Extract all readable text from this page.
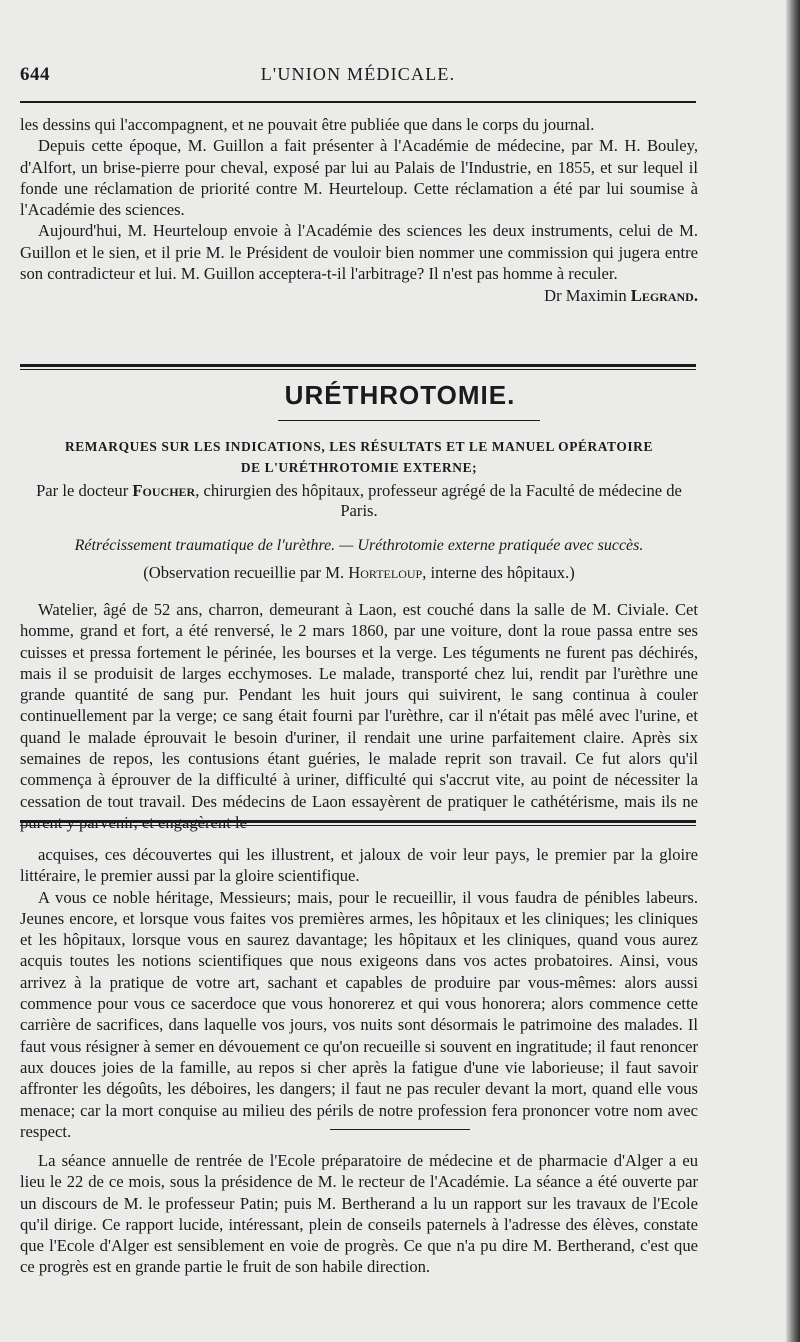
644	L'UNION MÉDICALE.

les dessins qui l'accompagnent, et ne pouvait être publiée que dans le corps du journal.

Depuis cette époque, M. Guillon a fait présenter à l'Académie de médecine, par M. H. Bouley, d'Alfort, un brise-pierre pour cheval, exposé par lui au Palais de l'Industrie, en 1855, et sur lequel il fonde une réclamation de priorité contre M. Heurteloup. Cette réclamation a été par lui soumise à l'Académie des sciences.

Aujourd'hui, M. Heurteloup envoie à l'Académie des sciences les deux instruments, celui de M. Guillon et le sien, et il prie M. le Président de vouloir bien nommer une commission qui jugera entre son contradicteur et lui. M. Guillon acceptera-t-il l'arbitrage? Il n'est pas homme à reculer.

Dr Maximin Legrand.

URÉTHROTOMIE.
REMARQUES SUR LES INDICATIONS, LES RÉSULTATS ET LE MANUEL OPÉRATOIRE
DE L'URÉTHROTOMIE EXTERNE;
Par le docteur Foucher, chirurgien des hôpitaux, professeur agrégé de la Faculté de médecine de Paris.
Rétrécissement traumatique de l'urèthre. — Uréthrotomie externe pratiquée avec succès.
(Observation recueillie par M. Horteloup, interne des hôpitaux.)

Watelier, âgé de 52 ans, charron, demeurant à Laon, est couché dans la salle de M. Civiale. Cet homme, grand et fort, a été renversé, le 2 mars 1860, par une voiture, dont la roue passa entre ses cuisses et pressa fortement le périnée, les bourses et la verge. Les téguments ne furent pas déchirés, mais il se produisit de larges ecchymoses. Le malade, transporté chez lui, rendit par l'urèthre une grande quantité de sang pur. Pendant les huit jours qui suivirent, le sang continua à couler continuellement par la verge; ce sang était fourni par l'urèthre, car il n'était pas mêlé avec l'urine, et quand le malade éprouvait le besoin d'uriner, il rendait une urine parfaitement claire. Après six semaines de repos, les contusions étant guéries, le malade reprit son travail. Ce fut alors qu'il commença à éprouver de la difficulté à uriner, difficulté qui s'accrut vite, au point de nécessiter la cessation de tout travail. Des médecins de Laon essayèrent de pratiquer le cathétérisme, mais ils ne

acquises, ces découvertes qui les illustrent, et jaloux de voir leur pays, le premier par la gloire littéraire, le premier aussi par la gloire scientifique.

A vous ce noble héritage, Messieurs; mais, pour le recueillir, il vous faudra de pénibles labeurs. Jeunes encore, et lorsque vous faites vos premières armes, les hôpitaux et les cliniques; les cliniques et les hôpitaux, lorsque vous en saurez davantage; les hôpitaux et les cliniques, quand vous aurez acquis toutes les notions scientifiques que nous exigeons dans vos actes probatoires. Ainsi, vous arrivez à la pratique de votre art, sachant et capables de produire par vous-mêmes: alors aussi commence pour vous ce sacerdoce que vous honorerez et qui vous honorera; alors commence cette carrière de sacrifices, dans laquelle vos jours, vos nuits sont désormais le patrimoine des malades. Il faut vous résigner à semer en dévouement ce qu'on recueille si souvent en ingratitude; il faut renoncer aux douces joies de la famille, au repos si cher après la fatigue d'une vie laborieuse; il faut savoir affronter les dégoûts, les déboires, les dangers; il faut ne pas reculer devant la mort, quand elle vous menace; car la mort conquise au milieu des périls de notre profession fera prononcer votre nom avec respect.

La séance annuelle de rentrée de l'Ecole préparatoire de médecine et de pharmacie d'Alger a eu lieu le 22 de ce mois, sous la présidence de M. le recteur de l'Académie. La séance a été ouverte par un discours de M. le professeur Patin; puis M. Bertherand a lu un rapport sur les travaux de l'Ecole qu'il dirige. Ce rapport lucide, intéressant, plein de conseils paternels à l'adresse des élèves, constate que l'Ecole d'Alger est sensiblement en voie de progrès. Ce que n'a pu dire M. Bertherand, c'est que ce progrès est en grande partie le fruit de son habile direction.
